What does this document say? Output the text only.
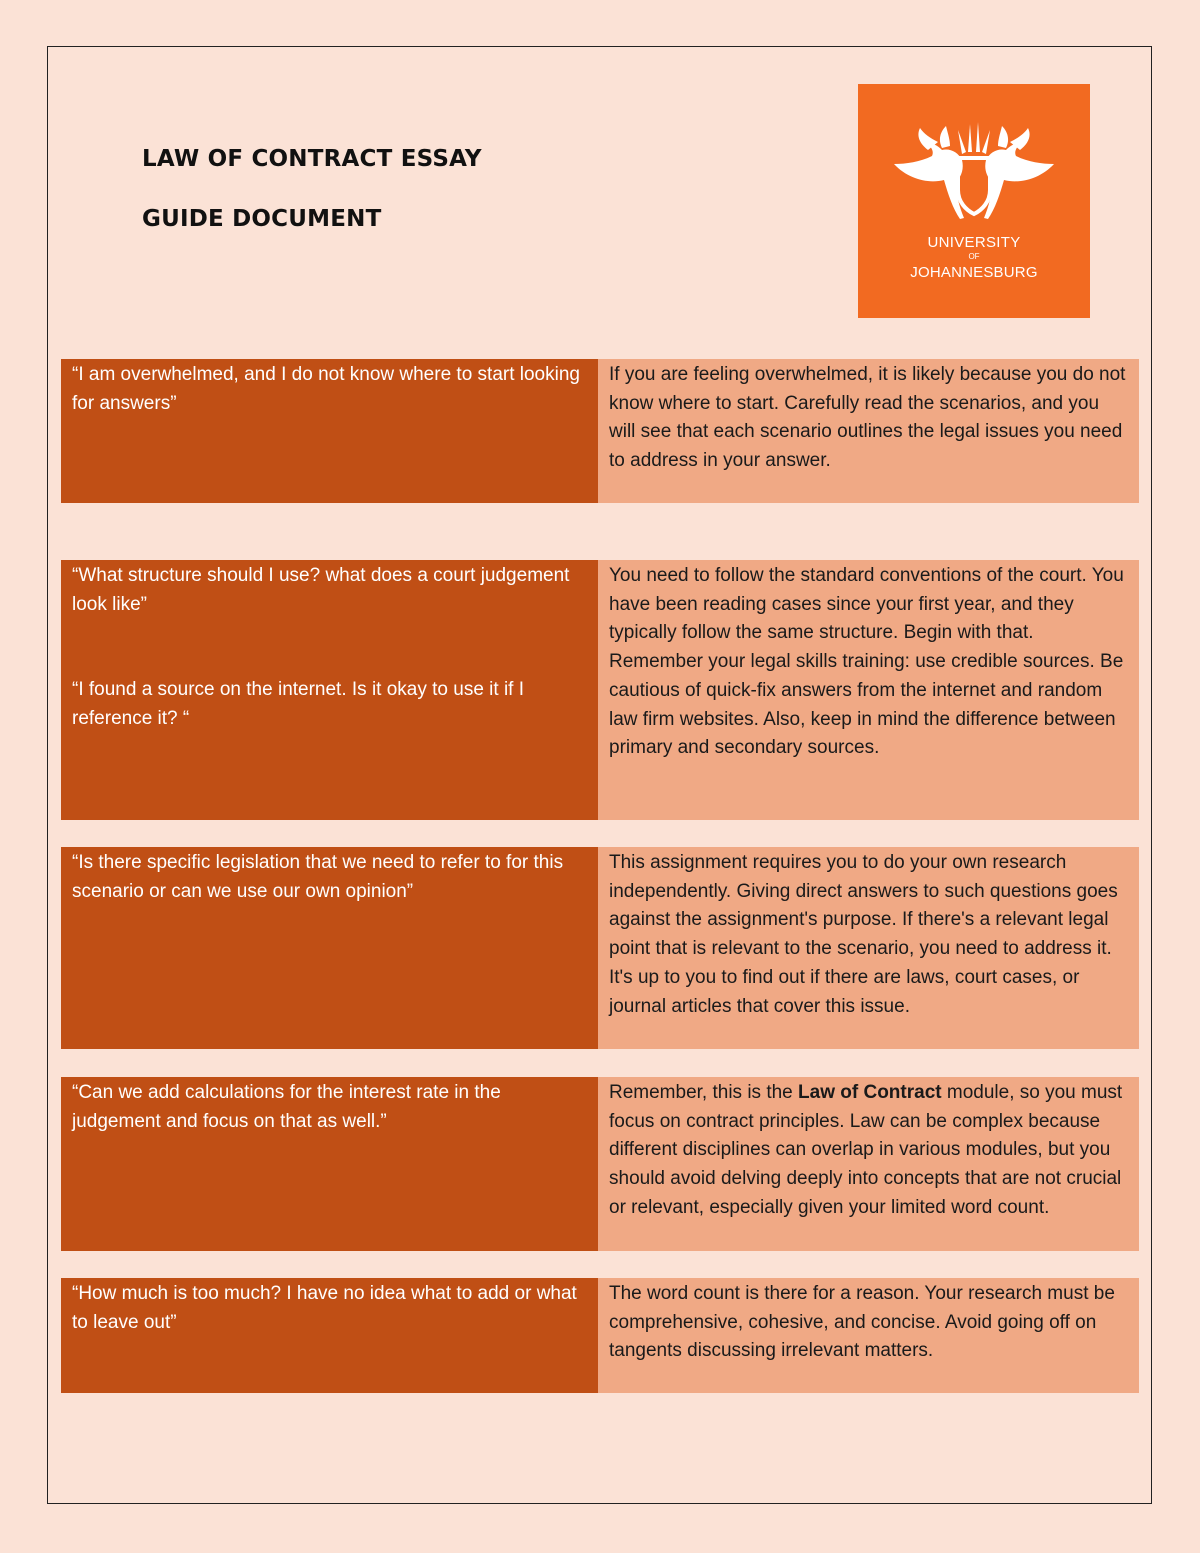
LAW OF CONTRACT ESSAY
GUIDE DOCUMENT
UNIVERSITY
OF
JOHANNESBURG

“I am overwhelmed, and I do not know where to start looking for answers”

If you are feeling overwhelmed, it is likely because you do not know where to start. Carefully read the scenarios, and you will see that each scenario outlines the legal issues you need to address in your answer.

“What structure should I use? what does a court judgement look like”

“I found a source on the internet. Is it okay to use it if I reference it? “

You need to follow the standard conventions of the court. You have been reading cases since your first year, and they typically follow the same structure. Begin with that.

Remember your legal skills training: use credible sources. Be cautious of quick-fix answers from the internet and random law firm websites. Also, keep in mind the difference between primary and secondary sources.

“Is there specific legislation that we need to refer to for this scenario or can we use our own opinion”

This assignment requires you to do your own research independently. Giving direct answers to such questions goes against the assignment's purpose. If there's a relevant legal point that is relevant to the scenario, you need to address it. It's up to you to find out if there are laws, court cases, or journal articles that cover this issue.

“Can we add calculations for the interest rate in the judgement and focus on that as well.”

Remember, this is the Law of Contract module, so you must focus on contract principles. Law can be complex because different disciplines can overlap in various modules, but you should avoid delving deeply into concepts that are not crucial or relevant, especially given your limited word count.

“How much is too much? I have no idea what to add or what to leave out”

The word count is there for a reason. Your research must be comprehensive, cohesive, and concise. Avoid going off on tangents discussing irrelevant matters.
